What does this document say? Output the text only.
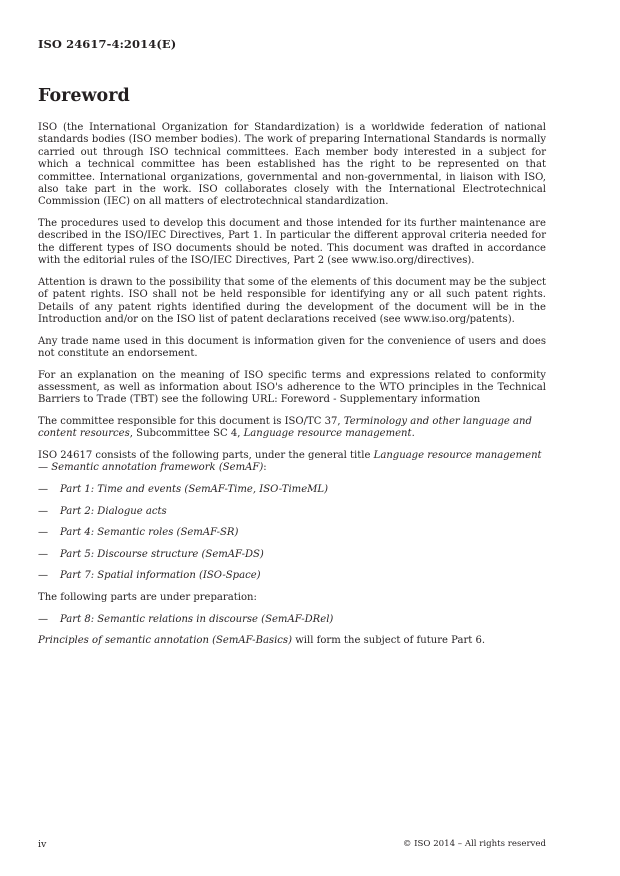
ISO 24617-4:2014(E)
Foreword

ISO (the International Organization for Standardization) is a worldwide federation of national standards bodies (ISO member bodies). The work of preparing International Standards is normally carried out through ISO technical committees. Each member body interested in a subject for which a technical committee has been established has the right to be represented on that committee. International organizations, governmental and non-governmental, in liaison with ISO, also take part in the work. ISO collaborates closely with the International Electrotechnical Commission (IEC) on all matters of electrotechnical standardization.

The procedures used to develop this document and those intended for its further maintenance are described in the ISO/IEC Directives, Part 1. In particular the different approval criteria needed for the different types of ISO documents should be noted. This document was drafted in accordance with the editorial rules of the ISO/IEC Directives, Part 2 (see www.iso.org/directives).

Attention is drawn to the possibility that some of the elements of this document may be the subject of patent rights. ISO shall not be held responsible for identifying any or all such patent rights. Details of any patent rights identified during the development of the document will be in the Introduction and/or on the ISO list of patent declarations received (see www.iso.org/patents).

Any trade name used in this document is information given for the convenience of users and does not constitute an endorsement.

For an explanation on the meaning of ISO specific terms and expressions related to conformity assessment, as well as information about ISO's adherence to the WTO principles in the Technical Barriers to Trade (TBT) see the following URL: Foreword - Supplementary information

The committee responsible for this document is ISO/TC 37, Terminology and other language and content resources, Subcommittee SC 4, Language resource management.

ISO 24617 consists of the following parts, under the general title Language resource management — Semantic annotation framework (SemAF):

—	Part 1: Time and events (SemAF-Time, ISO-TimeML)
—	Part 2: Dialogue acts
—	Part 4: Semantic roles (SemAF-SR)
—	Part 5: Discourse structure (SemAF-DS)
—	Part 7: Spatial information (ISO-Space)

The following parts are under preparation:

—	Part 8: Semantic relations in discourse (SemAF-DRel)

Principles of semantic annotation (SemAF-Basics) will form the subject of future Part 6.

iv	© ISO 2014 – All rights reserved
